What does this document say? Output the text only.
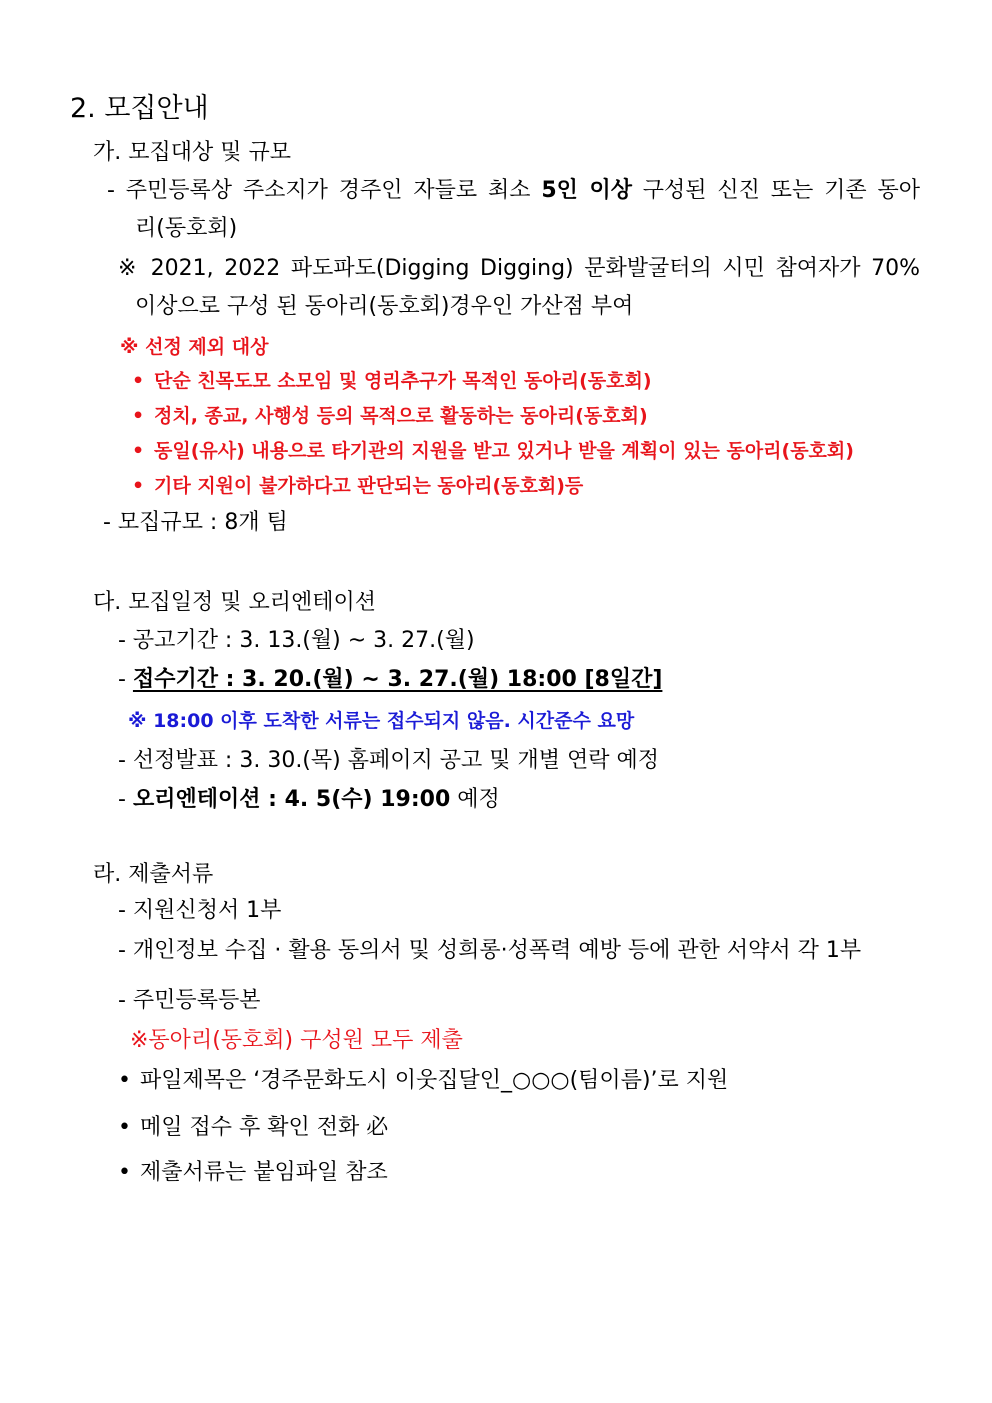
2. 모집안내
가. 모집대상 및 규모
- 주민등록상 주소지가 경주인 자들로 최소 5인 이상 구성된 신진 또는 기존 동아
리(동호회)
※ 2021, 2022 파도파도(Digging Digging) 문화발굴터의 시민 참여자가 70%
이상으로 구성 된 동아리(동호회)경우인 가산점 부여
※ 선정 제외 대상
• 단순 친목도모 소모임 및 영리추구가 목적인 동아리(동호회)
• 정치, 종교, 사행성 등의 목적으로 활동하는 동아리(동호회)
• 동일(유사) 내용으로 타기관의 지원을 받고 있거나 받을 계획이 있는 동아리(동호회)
• 기타 지원이 불가하다고 판단되는 동아리(동호회)등
- 모집규모 : 8개 팀
다. 모집일정 및 오리엔테이션
- 공고기간 : 3. 13.(월) ~ 3. 27.(월)
- 접수기간 : 3. 20.(월) ~ 3. 27.(월) 18:00 [8일간]
※ 18:00 이후 도착한 서류는 접수되지 않음. 시간준수 요망
- 선정발표 : 3. 30.(목) 홈페이지 공고 및 개별 연락 예정
- 오리엔테이션 : 4. 5(수) 19:00 예정
라. 제출서류
- 지원신청서 1부
- 개인정보 수집 · 활용 동의서 및 성희롱·성폭력 예방 등에 관한 서약서 각 1부
- 주민등록등본
※동아리(동호회) 구성원 모두 제출
• 파일제목은 ‘경주문화도시 이웃집달인_○○○(팀이름)’로 지원
• 메일 접수 후 확인 전화 必
• 제출서류는 붙임파일 참조
